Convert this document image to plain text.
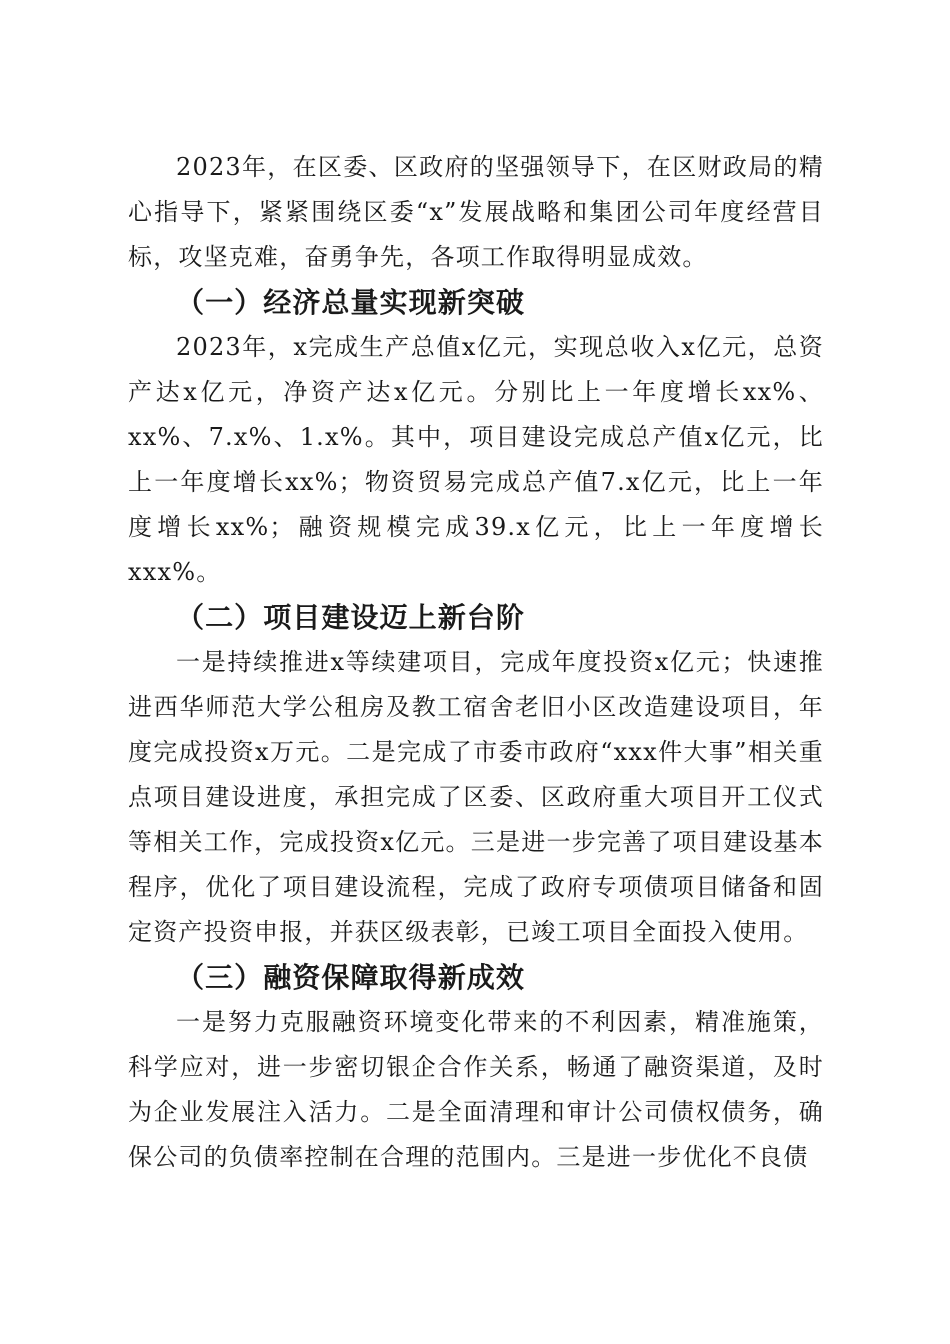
2023年，在区委、区政府的坚强领导下，在区财政局的精心指导下，紧紧围绕区委“x”发展战略和集团公司年度经营目标，攻坚克难，奋勇争先，各项工作取得明显成效。

（一）经济总量实现新突破

2023年，x完成生产总值x亿元，实现总收入x亿元，总资产达x亿元，净资产达x亿元。分别比上一年度增长xx%、xx%、7.x%、1.x%。其中，项目建设完成总产值x亿元，比上一年度增长xx%；物资贸易完成总产值7.x亿元，比上一年度增长xx%；融资规模完成39.x亿元，比上一年度增长xxx%。

（二）项目建设迈上新台阶

一是持续推进x等续建项目，完成年度投资x亿元；快速推进西华师范大学公租房及教工宿舍老旧小区改造建设项目，年度完成投资x万元。二是完成了市委市政府“xxx件大事”相关重点项目建设进度，承担完成了区委、区政府重大项目开工仪式等相关工作，完成投资x亿元。三是进一步完善了项目建设基本程序，优化了项目建设流程，完成了政府专项债项目储备和固定资产投资申报，并获区级表彰，已竣工项目全面投入使用。

（三）融资保障取得新成效

一是努力克服融资环境变化带来的不利因素，精准施策，科学应对，进一步密切银企合作关系，畅通了融资渠道，及时为企业发展注入活力。二是全面清理和审计公司债权债务，确保公司的负债率控制在合理的范围内。三是进一步优化不良债
